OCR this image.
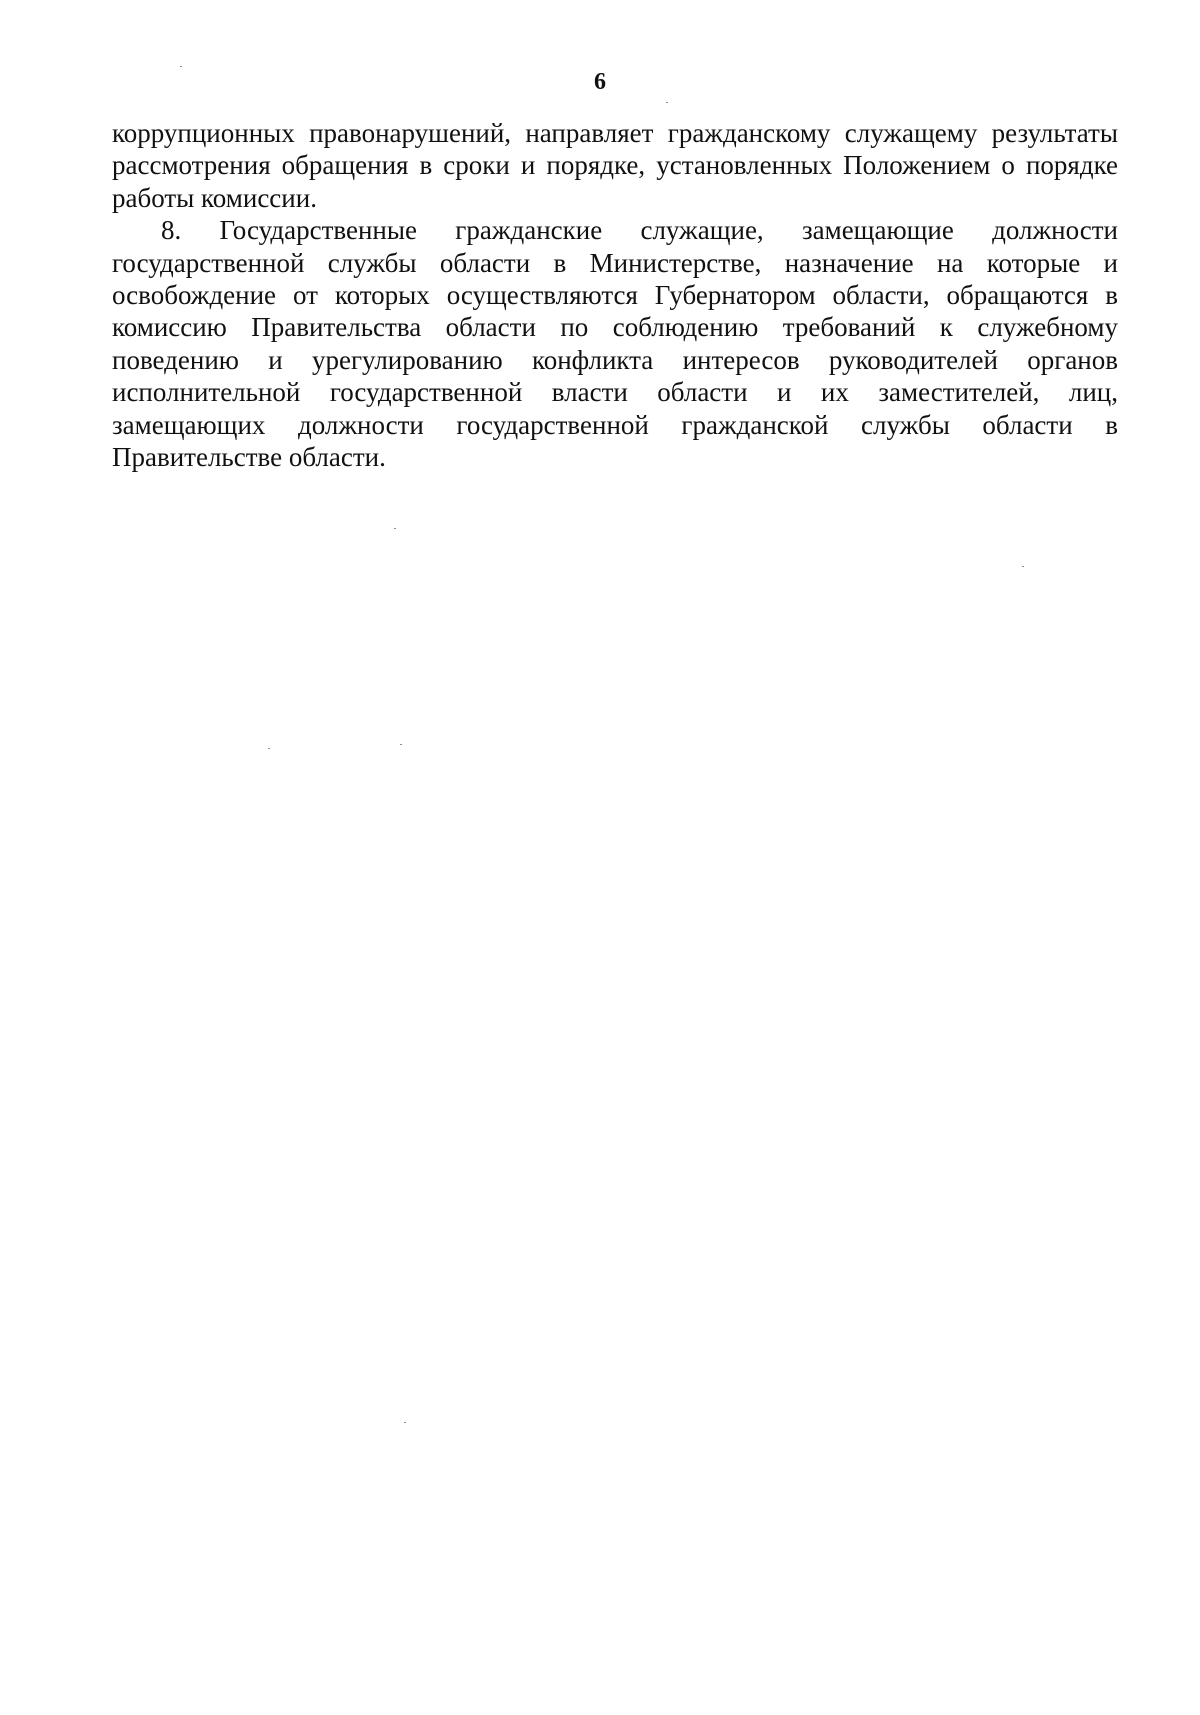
6

коррупционных правонарушений, направляет гражданскому служащему результаты рассмотрения обращения в сроки и порядке, установленных Положением о порядке работы комиссии.

8. Государственные гражданские служащие, замещающие должности государственной службы области в Министерстве, назначение на которые и освобождение от которых осуществляются Губернатором области, обращаются в комиссию Правительства области по соблюдению требований к служебному поведению и урегулированию конфликта интересов руководителей органов исполнительной государственной власти области и их заместителей, лиц, замещающих должности государственной гражданской службы области в Правительстве области.
